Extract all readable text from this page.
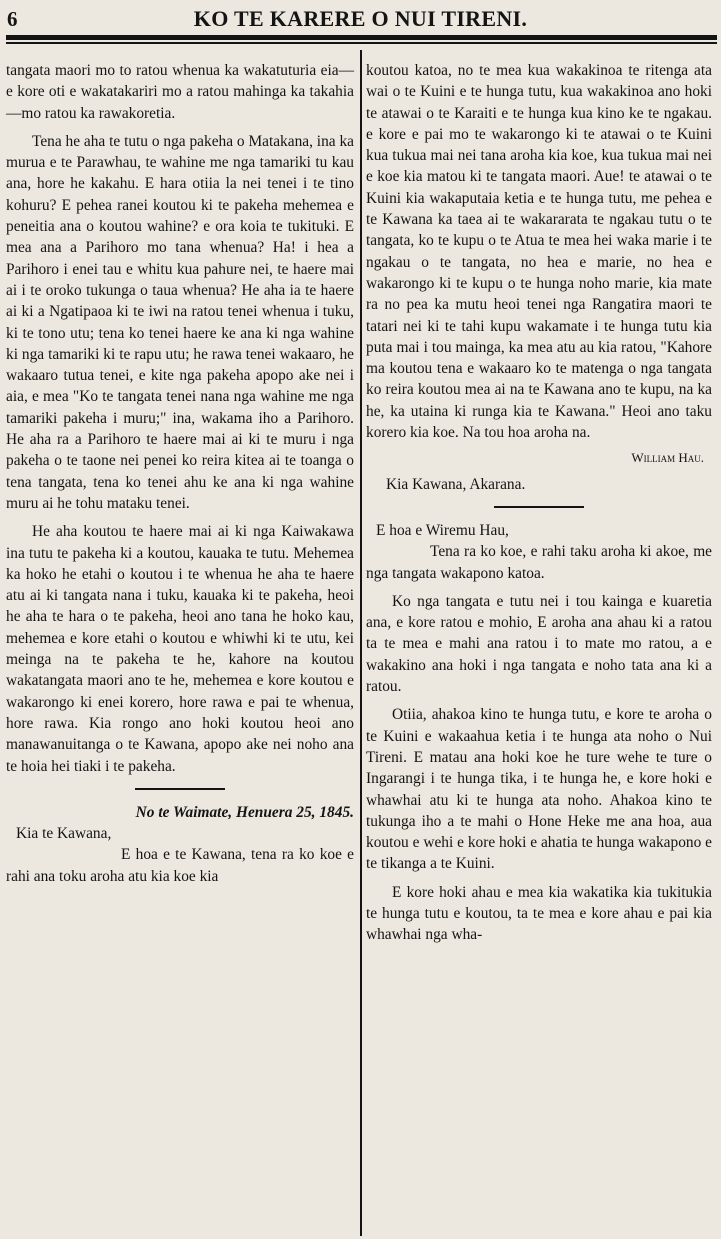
6	KO TE KARERE O NUI TIRENI.

tangata maori mo to ratou whenua ka wakatuturia eia—e kore oti e wakatakariri mo a ratou mahinga ka takahia—mo ratou ka rawakoretia.

Tena he aha te tutu o nga pakeha o Matakana, ina ka murua e te Parawhau, te wahine me nga tamariki tu kau ana, hore he kakahu. E hara otiia la nei tenei i te tino kohuru? E pehea ranei koutou ki te pakeha mehemea e peneitia ana o koutou wahine? e ora koia te tukituki. E mea ana a Parihoro mo tana whenua? Ha! i hea a Parihoro i enei tau e whitu kua pahure nei, te haere mai ai i te oroko tukunga o taua whenua? He aha ia te haere ai ki a Ngatipaoa ki te iwi na ratou tenei whenua i tuku, ki te tono utu; tena ko tenei haere ke ana ki nga wahine ki nga tamariki ki te rapu utu; he rawa tenei wakaaro, he wakaaro tutua tenei, e kite nga pakeha apopo ake nei i aia, e mea "Ko te tangata tenei nana nga wahine me nga tamariki pakeha i muru;" ina, wakama iho a Parihoro. He aha ra a Parihoro te haere mai ai ki te muru i nga pakeha o te taone nei penei ko reira kitea ai te toanga o tena tangata, tena ko tenei ahu ke ana ki nga wahine muru ai he tohu mataku tenei.

He aha koutou te haere mai ai ki nga Kaiwakawa ina tutu te pakeha ki a koutou, kauaka te tutu. Mehemea ka hoko he etahi o koutou i te whenua he aha te haere atu ai ki tangata nana i tuku, kauaka ki te pakeha, heoi he aha te hara o te pakeha, heoi ano tana he hoko kau, mehemea e kore etahi o koutou e whiwhi ki te utu, kei meinga na te pakeha te he, kahore na koutou wakatangata maori ano te he, mehemea e kore koutou e wakarongo ki enei korero, hore rawa e pai te whenua, hore rawa. Kia rongo ano hoki koutou heoi ano manawanuitanga o te Kawana, apopo ake nei noho ana te hoia hei tiaki i te pakeha.

No te Waimate, Henuera 25, 1845.

Kia te Kawana,

E hoa e te Kawana, tena ra ko koe e rahi ana toku aroha atu kia koe kia

koutou katoa, no te mea kua wakakinoa te ritenga ata wai o te Kuini e te hunga tutu, kua wakakinoa ano hoki te atawai o te Karaiti e te hunga kua kino ke te ngakau. e kore e pai mo te wakarongo ki te atawai o te Kuini kua tukua mai nei tana aroha kia koe, kua tukua mai nei e koe kia matou ki te tangata maori. Aue! te atawai o te Kuini kia wakaputaia ketia e te hunga tutu, me pehea e te Kawana ka taea ai te wakararata te ngakau tutu o te tangata, ko te kupu o te Atua te mea hei waka marie i te ngakau o te tangata, no hea e marie, no hea e wakarongo ki te kupu o te hunga noho marie, kia mate ra no pea ka mutu heoi tenei nga Rangatira maori te tatari nei ki te tahi kupu wakamate i te hunga tutu kia puta mai i tou mainga, ka mea atu au kia ratou, "Kahore ma koutou tena e wakaaro ko te matenga o nga tangata ko reira koutou mea ai na te Kawana ano te kupu, na ka he, ka utaina ki runga kia te Kawana." Heoi ano taku korero kia koe. Na tou hoa aroha na.

William Hau.

Kia Kawana, Akarana.

E hoa e Wiremu Hau,

Tena ra ko koe, e rahi taku aroha ki akoe, me nga tangata wakapono katoa.

Ko nga tangata e tutu nei i tou kainga e kuaretia ana, e kore ratou e mohio, E aroha ana ahau ki a ratou ta te mea e mahi ana ratou i to mate mo ratou, a e wakakino ana hoki i nga tangata e noho tata ana ki a ratou.

Otiia, ahakoa kino te hunga tutu, e kore te aroha o te Kuini e wakaahua ketia i te hunga ata noho o Nui Tireni. E matau ana hoki koe he ture wehe te ture o Ingarangi i te hunga tika, i te hunga he, e kore hoki e whawhai atu ki te hunga ata noho. Ahakoa kino te tukunga iho a te mahi o Hone Heke me ana hoa, aua koutou e wehi e kore hoki e ahatia te hunga wakapono e te tikanga a te Kuini.

E kore hoki ahau e mea kia wakatika kia tukitukia te hunga tutu e koutou, ta te mea e kore ahau e pai kia whawhai nga wha-
